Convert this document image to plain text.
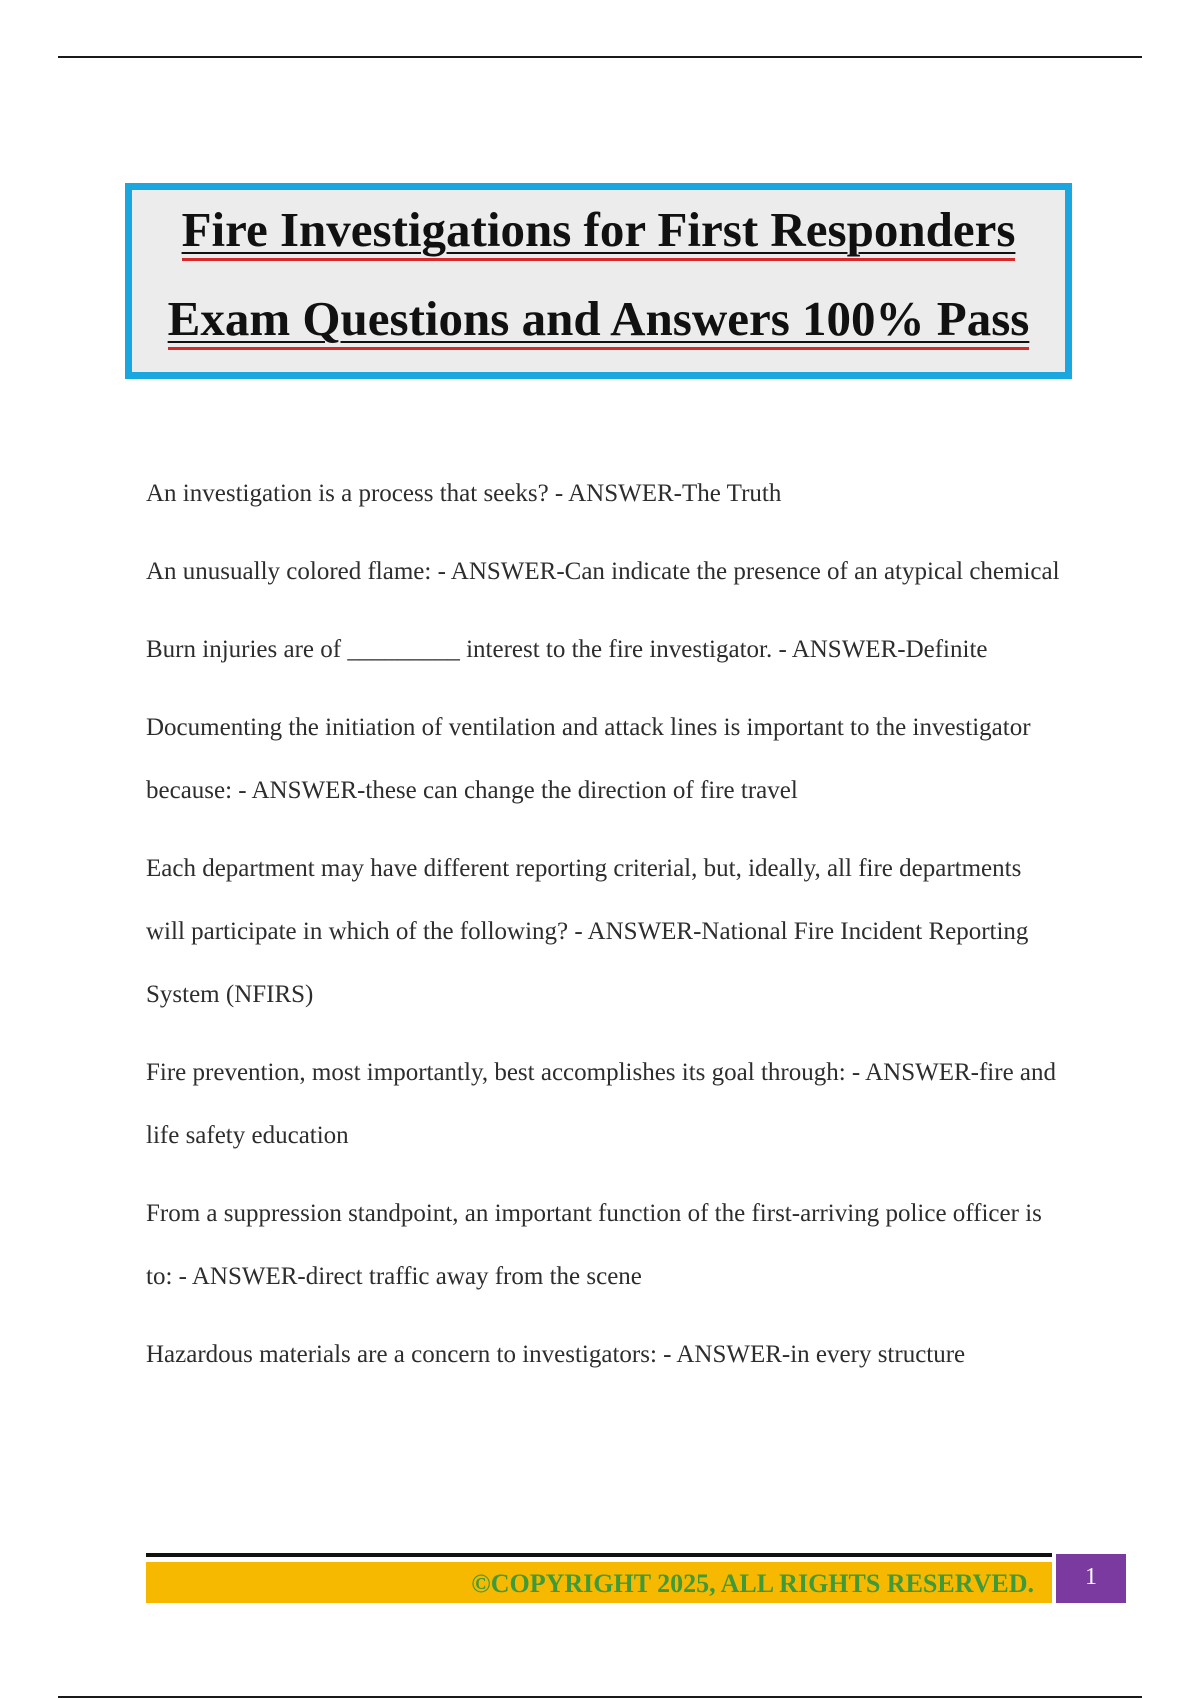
Fire Investigations for First Responders
Exam Questions and Answers 100% Pass

An investigation is a process that seeks? - ANSWER-The Truth

An unusually colored flame: - ANSWER-Can indicate the presence of an atypical chemical

Burn injuries are of _________ interest to the fire investigator. - ANSWER-Definite

Documenting the initiation of ventilation and attack lines is important to the investigator because: - ANSWER-these can change the direction of fire travel

Each department may have different reporting criterial, but, ideally, all fire departments will participate in which of the following? - ANSWER-National Fire Incident Reporting System (NFIRS)

Fire prevention, most importantly, best accomplishes its goal through: - ANSWER-fire and life safety education

From a suppression standpoint, an important function of the first-arriving police officer is to: - ANSWER-direct traffic away from the scene

Hazardous materials are a concern to investigators: - ANSWER-in every structure

©COPYRIGHT 2025, ALL RIGHTS RESERVED.	1
